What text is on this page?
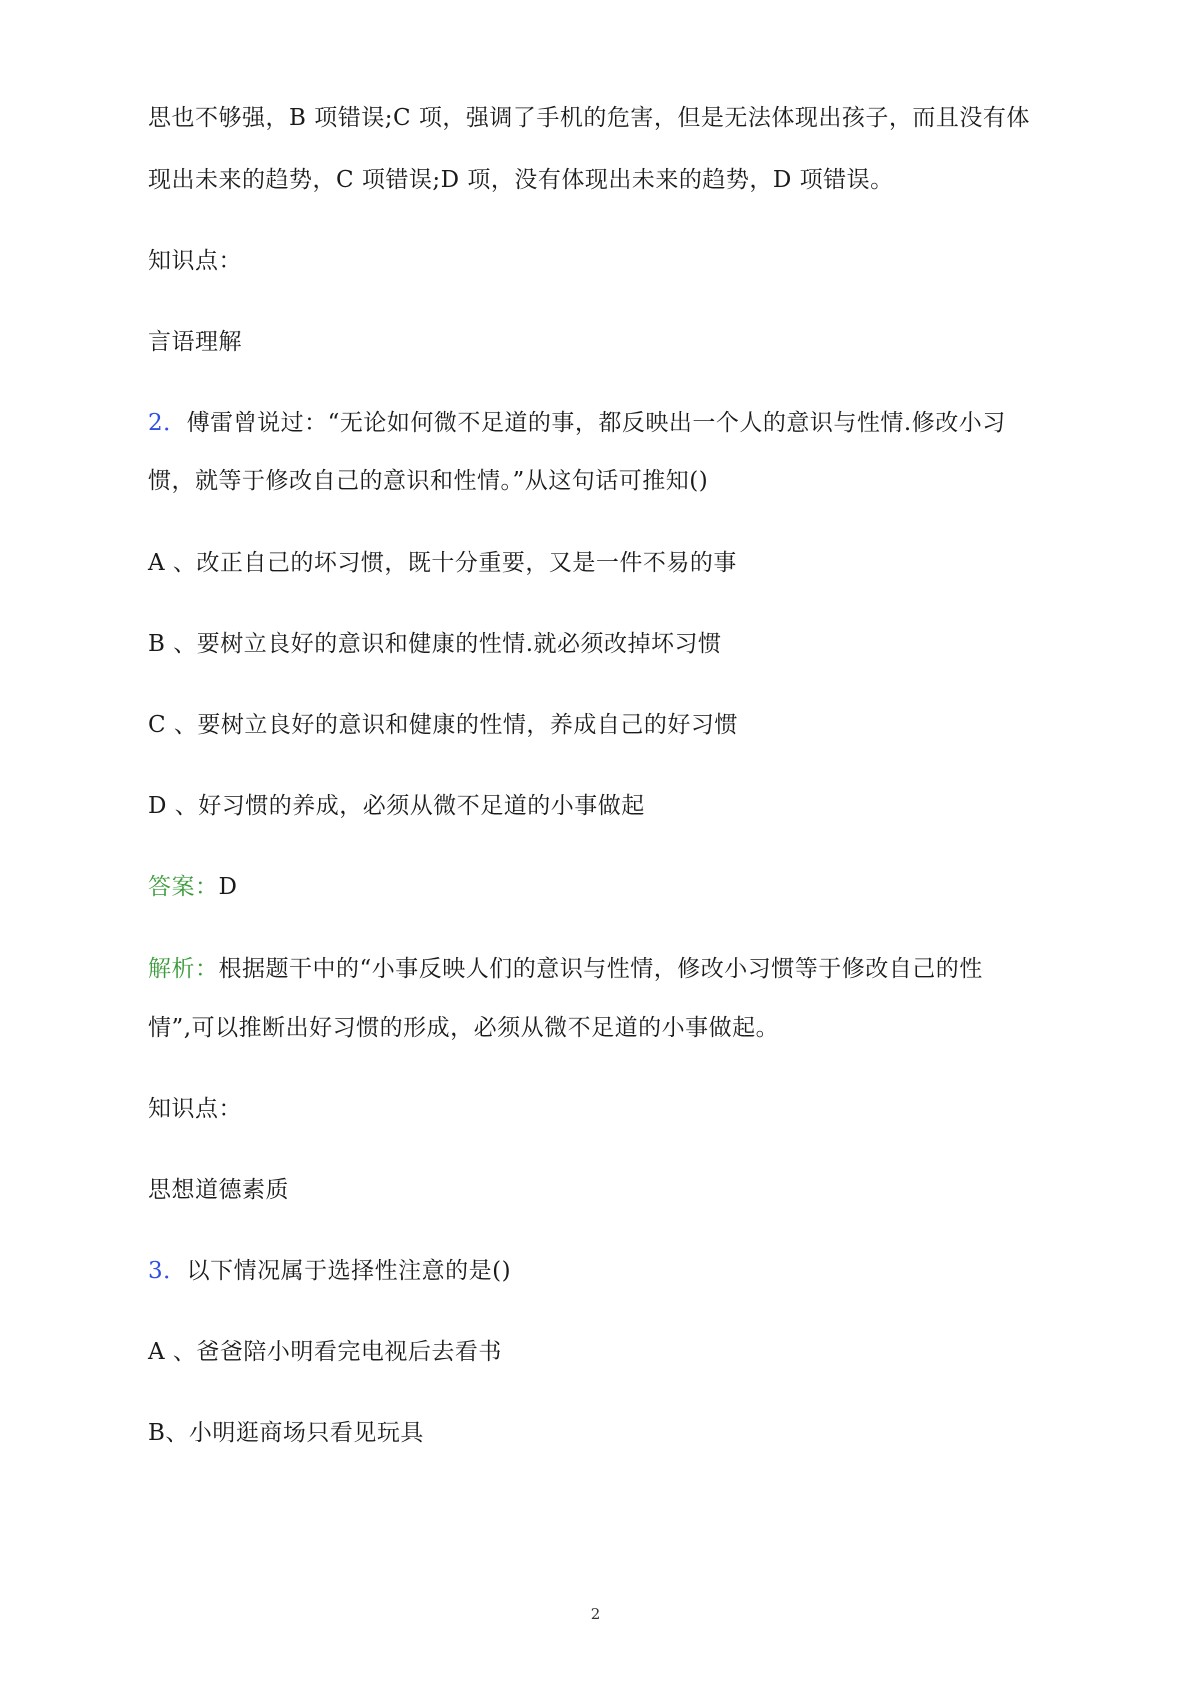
思也不够强，B 项错误;C 项，强调了手机的危害，但是无法体现出孩子，而且没有体
现出未来的趋势，C 项错误;D 项，没有体现出未来的趋势，D 项错误。
知识点：
言语理解
2．傅雷曾说过：“无论如何微不足道的事，都反映出一个人的意识与性情.修改小习
惯，就等于修改自己的意识和性情。”从这句话可推知()
A 、改正自己的坏习惯，既十分重要，又是一件不易的事
B 、要树立良好的意识和健康的性情.就必须改掉坏习惯
C 、要树立良好的意识和健康的性情，养成自己的好习惯
D 、好习惯的养成，必须从微不足道的小事做起
答案：D
解析：根据题干中的“小事反映人们的意识与性情，修改小习惯等于修改自己的性
情”,可以推断出好习惯的形成，必须从微不足道的小事做起。
知识点：
思想道德素质
3．以下情况属于选择性注意的是()
A 、爸爸陪小明看完电视后去看书
B、小明逛商场只看见玩具
2
